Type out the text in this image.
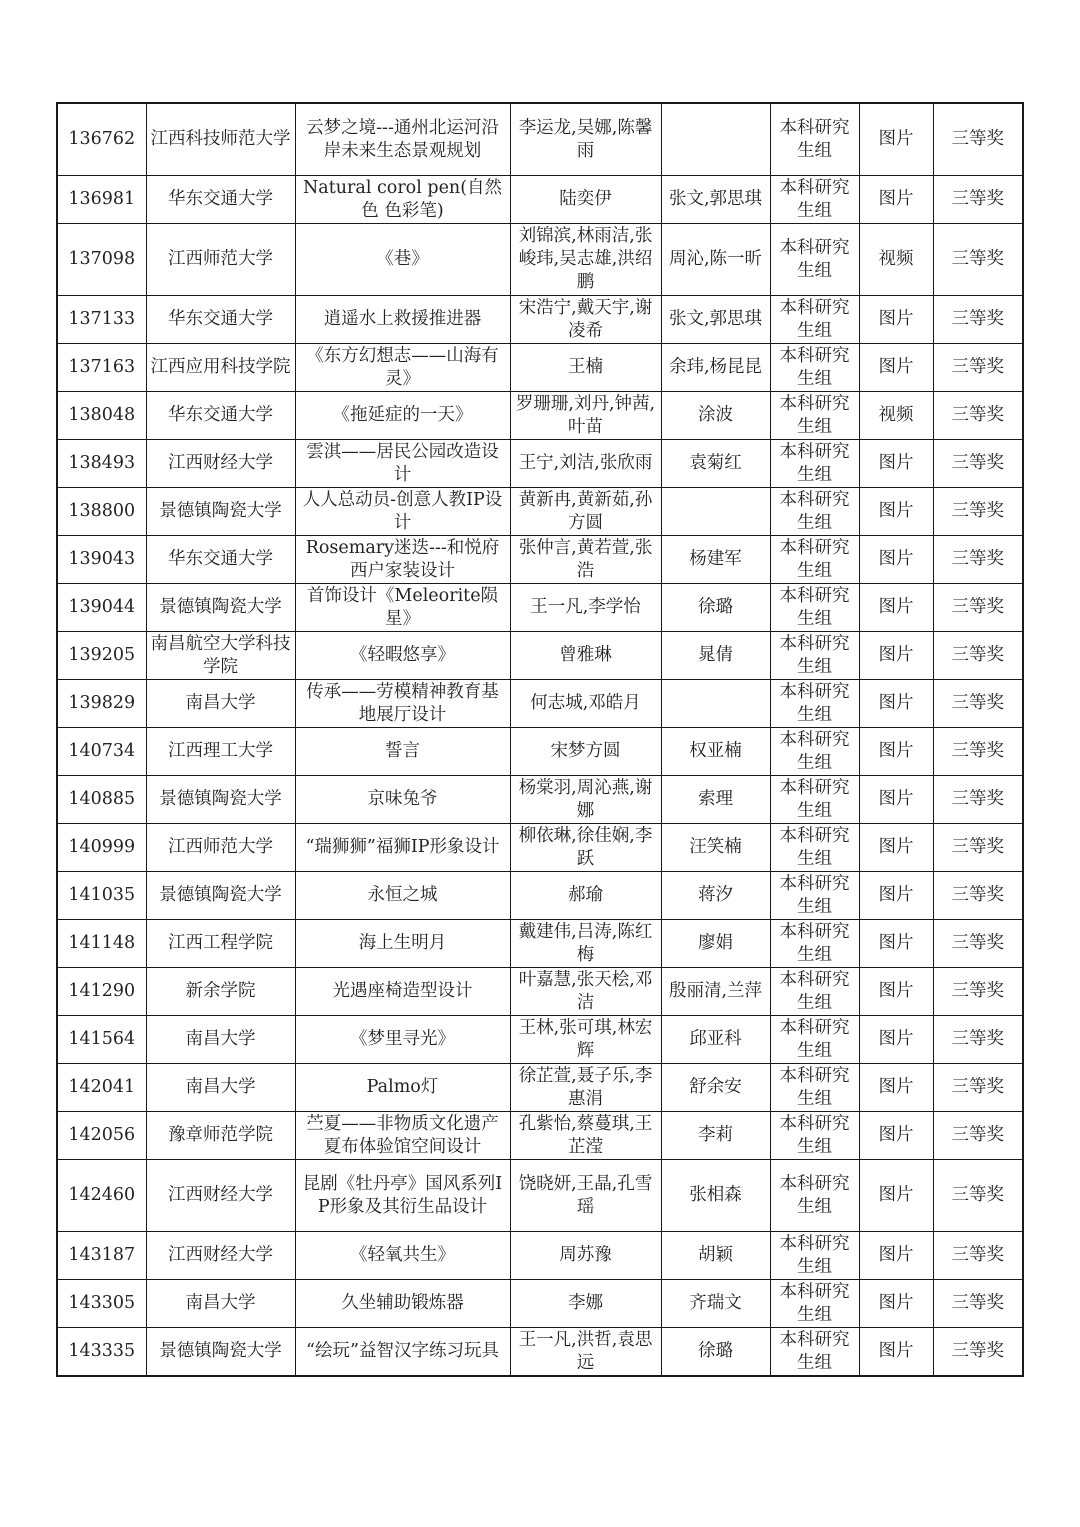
136762	江西科技师范大学	云梦之境---通州北运河沿岸未来生态景观规划	李运龙,吴娜,陈馨雨		本科研究生组	图片	三等奖
136981	华东交通大学	Natural corol pen(自然色 色彩笔)	陆奕伊	张文,郭思琪	本科研究生组	图片	三等奖
137098	江西师范大学	《巷》	刘锦滨,林雨洁,张峻玮,吴志雄,洪绍鹏	周沁,陈一昕	本科研究生组	视频	三等奖
137133	华东交通大学	逍遥水上救援推进器	宋浩宁,戴天宇,谢凌希	张文,郭思琪	本科研究生组	图片	三等奖
137163	江西应用科技学院	《东方幻想志——山海有灵》	王楠	余玮,杨昆昆	本科研究生组	图片	三等奖
138048	华东交通大学	《拖延症的一天》	罗珊珊,刘丹,钟茜,叶苗	涂波	本科研究生组	视频	三等奖
138493	江西财经大学	雲淇——居民公园改造设计	王宁,刘洁,张欣雨	袁菊红	本科研究生组	图片	三等奖
138800	景德镇陶瓷大学	人人总动员-创意人教IP设计	黄新冉,黄新茹,孙方圆		本科研究生组	图片	三等奖
139043	华东交通大学	Rosemary迷迭---和悦府西户家装设计	张仲言,黄若萱,张浩	杨建军	本科研究生组	图片	三等奖
139044	景德镇陶瓷大学	首饰设计《Meleorite陨星》	王一凡,李学怡	徐璐	本科研究生组	图片	三等奖
139205	南昌航空大学科技学院	《轻暇悠享》	曾雅琳	晁倩	本科研究生组	图片	三等奖
139829	南昌大学	传承——劳模精神教育基地展厅设计	何志城,邓皓月		本科研究生组	图片	三等奖
140734	江西理工大学	誓言	宋梦方圆	权亚楠	本科研究生组	图片	三等奖
140885	景德镇陶瓷大学	京味兔爷	杨棠羽,周沁燕,谢娜	索理	本科研究生组	图片	三等奖
140999	江西师范大学	“瑞狮狮”福狮IP形象设计	柳依琳,徐佳娴,李跃	汪笑楠	本科研究生组	图片	三等奖
141035	景德镇陶瓷大学	永恒之城	郝瑜	蒋汐	本科研究生组	图片	三等奖
141148	江西工程学院	海上生明月	戴建伟,吕涛,陈红梅	廖娟	本科研究生组	图片	三等奖
141290	新余学院	光遇座椅造型设计	叶嘉慧,张天桧,邓洁	殷丽清,兰萍	本科研究生组	图片	三等奖
141564	南昌大学	《梦里寻光》	王林,张可琪,林宏辉	邱亚科	本科研究生组	图片	三等奖
142041	南昌大学	Palmo灯	徐芷萱,聂子乐,李惠涓	舒余安	本科研究生组	图片	三等奖
142056	豫章师范学院	苎夏——非物质文化遗产夏布体验馆空间设计	孔紫怡,蔡蔓琪,王芷滢	李莉	本科研究生组	图片	三等奖
142460	江西财经大学	昆剧《牡丹亭》国风系列IP形象及其衍生品设计	饶晓妍,王晶,孔雪瑶	张相森	本科研究生组	图片	三等奖
143187	江西财经大学	《轻氧共生》	周苏豫	胡颖	本科研究生组	图片	三等奖
143305	南昌大学	久坐辅助锻炼器	李娜	齐瑞文	本科研究生组	图片	三等奖
143335	景德镇陶瓷大学	“绘玩”益智汉字练习玩具	王一凡,洪哲,袁思远	徐璐	本科研究生组	图片	三等奖
